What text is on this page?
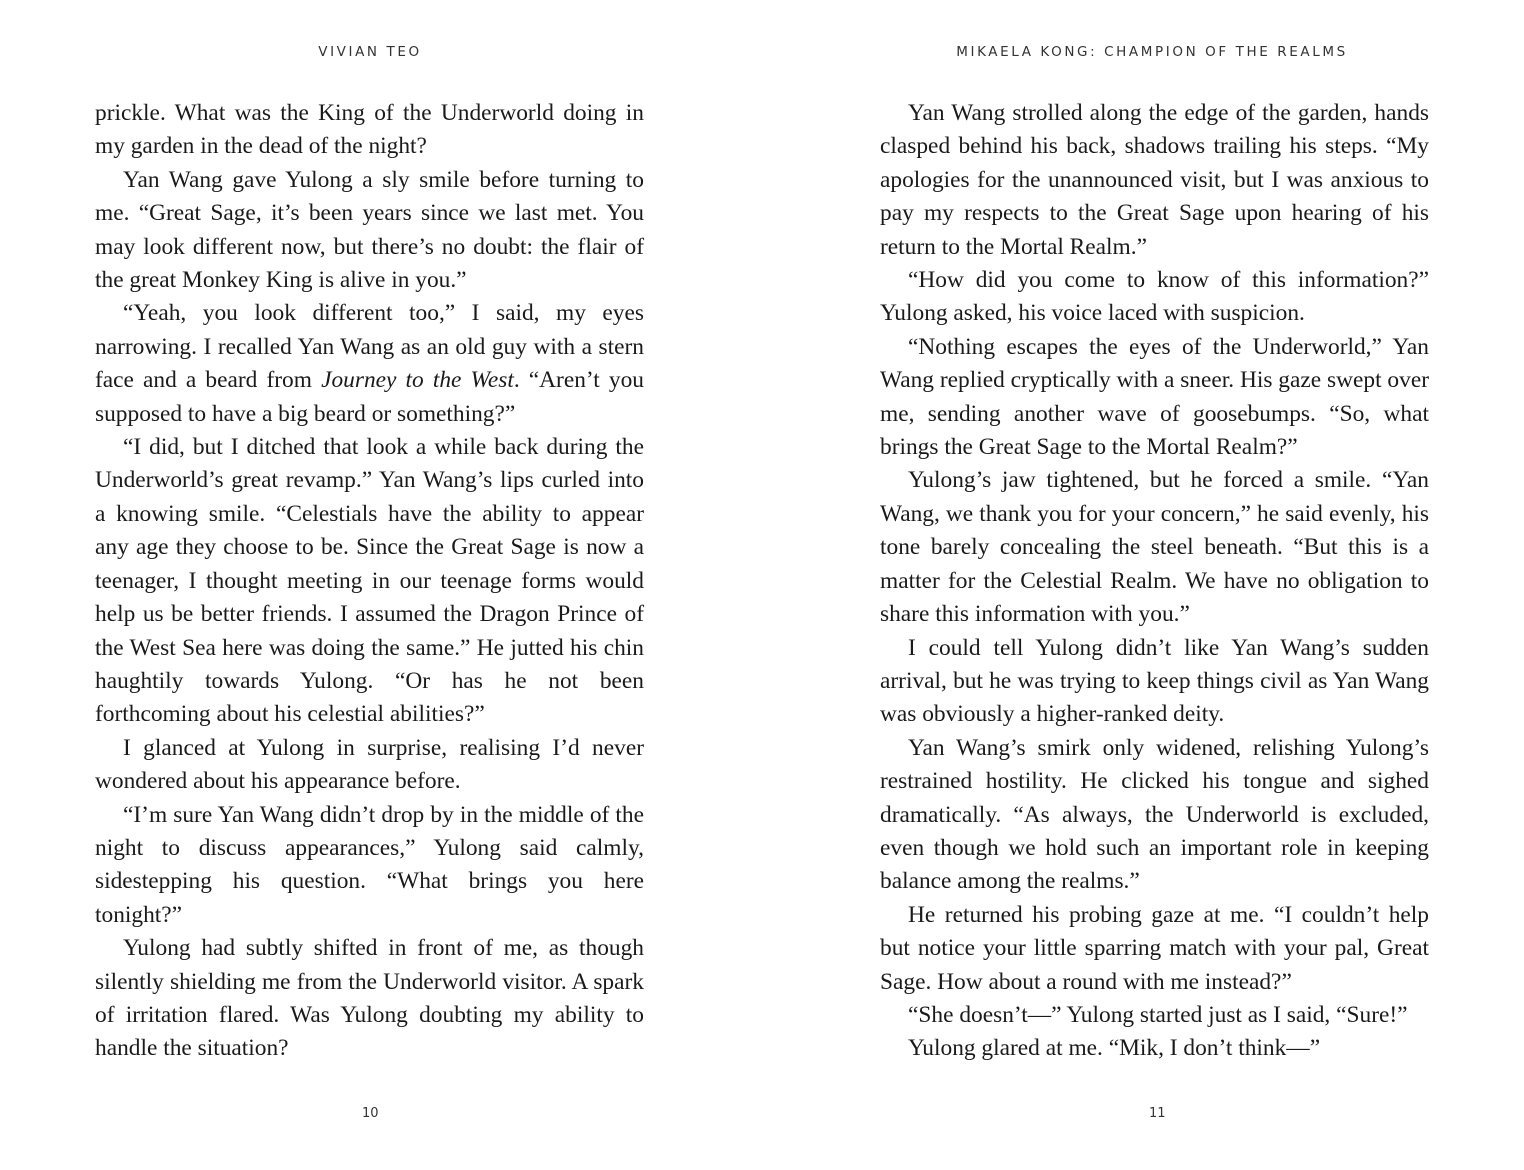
VIVIAN TEO

prickle. What was the King of the Underworld doing in my garden in the dead of the night?

Yan Wang gave Yulong a sly smile before turning to me. “Great Sage, it’s been years since we last met. You may look different now, but there’s no doubt: the flair of the great Monkey King is alive in you.”

“Yeah, you look different too,” I said, my eyes narrowing. I recalled Yan Wang as an old guy with a stern face and a beard from Journey to the West. “Aren’t you supposed to have a big beard or something?”

“I did, but I ditched that look a while back during the Underworld’s great revamp.” Yan Wang’s lips curled into a knowing smile. “Celestials have the ability to appear any age they choose to be. Since the Great Sage is now a teenager, I thought meeting in our teenage forms would help us be better friends. I assumed the Dragon Prince of the West Sea here was doing the same.” He jutted his chin haughtily towards Yulong. “Or has he not been forthcoming about his celestial abilities?”

I glanced at Yulong in surprise, realising I’d never wondered about his appearance before.

“I’m sure Yan Wang didn’t drop by in the middle of the night to discuss appearances,” Yulong said calmly, sidestepping his question. “What brings you here tonight?”

Yulong had subtly shifted in front of me, as though silently shielding me from the Underworld visitor. A spark of irritation flared. Was Yulong doubting my ability to handle the situation?

10
MIKAELA KONG: CHAMPION OF THE REALMS

Yan Wang strolled along the edge of the garden, hands clasped behind his back, shadows trailing his steps. “My apologies for the unannounced visit, but I was anxious to pay my respects to the Great Sage upon hearing of his return to the Mortal Realm.”

“How did you come to know of this information?” Yulong asked, his voice laced with suspicion.

“Nothing escapes the eyes of the Underworld,” Yan Wang replied cryptically with a sneer. His gaze swept over me, sending another wave of goosebumps. “So, what brings the Great Sage to the Mortal Realm?”

Yulong’s jaw tightened, but he forced a smile. “Yan Wang, we thank you for your concern,” he said evenly, his tone barely concealing the steel beneath. “But this is a matter for the Celestial Realm. We have no obligation to share this information with you.”

I could tell Yulong didn’t like Yan Wang’s sudden arrival, but he was trying to keep things civil as Yan Wang was obviously a higher-ranked deity.

Yan Wang’s smirk only widened, relishing Yulong’s restrained hostility. He clicked his tongue and sighed dramatically. “As always, the Underworld is excluded, even though we hold such an important role in keeping balance among the realms.”

He returned his probing gaze at me. “I couldn’t help but notice your little sparring match with your pal, Great Sage. How about a round with me instead?”

“She doesn’t—” Yulong started just as I said, “Sure!”

Yulong glared at me. “Mik, I don’t think—”

11
